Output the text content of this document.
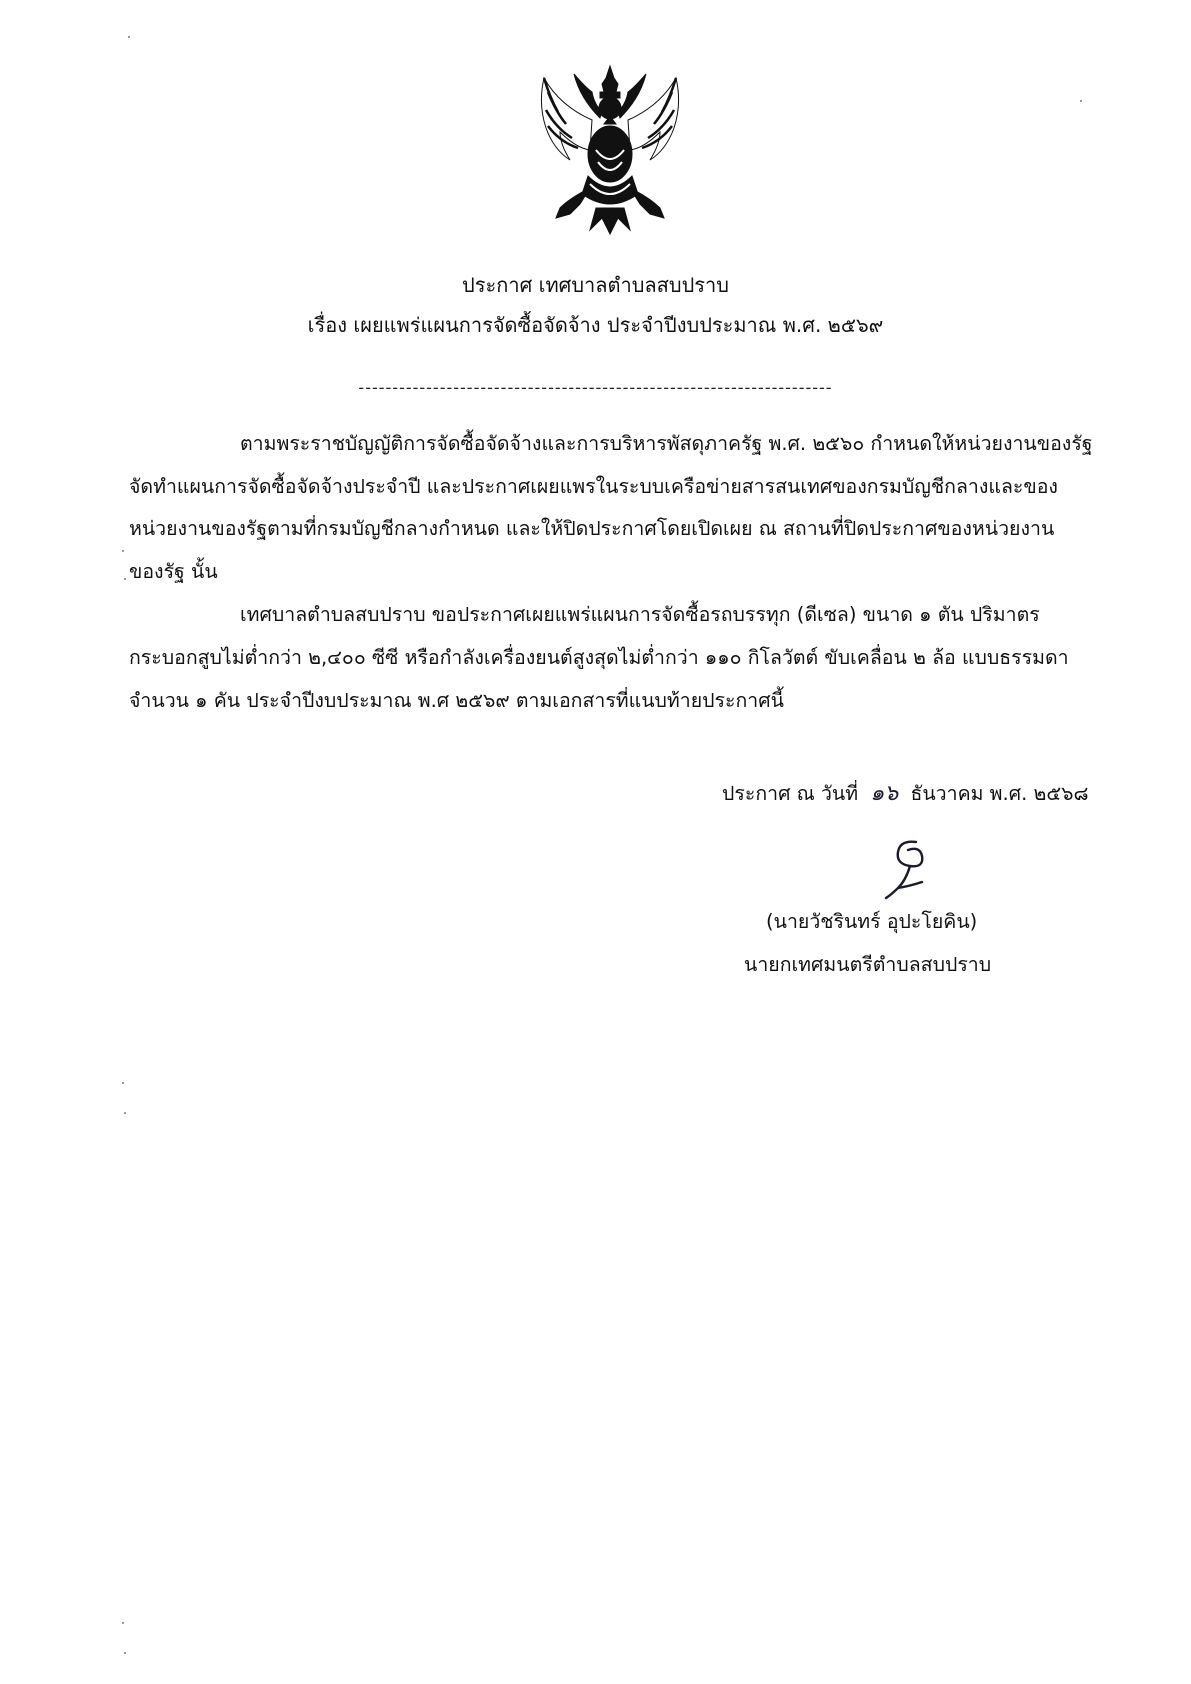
ประกาศ เทศบาลตำบลสบปราบ
เรื่อง เผยแพร่แผนการจัดซื้อจัดจ้าง ประจำปีงบประมาณ พ.ศ. ๒๕๖๙
----------------------------------------------------------------------
ตามพระราชบัญญัติการจัดซื้อจัดจ้างและการบริหารพัสดุภาครัฐ พ.ศ. ๒๕๖๐ กำหนดให้หน่วยงานของรัฐ
จัดทำแผนการจัดซื้อจัดจ้างประจำปี และประกาศเผยแพรในระบบเครือข่ายสารสนเทศของกรมบัญชีกลางและของ
หน่วยงานของรัฐตามที่กรมบัญชีกลางกำหนด และให้ปิดประกาศโดยเปิดเผย ณ สถานที่ปิดประกาศของหน่วยงาน
ของรัฐ นั้น
เทศบาลตำบลสบปราบ ขอประกาศเผยแพร่แผนการจัดซื้อรถบรรทุก (ดีเซล) ขนาด ๑ ตัน ปริมาตร
กระบอกสูบไม่ต่ำกว่า ๒,๔๐๐ ซีซี หรือกำลังเครื่องยนต์สูงสุดไม่ต่ำกว่า ๑๑๐ กิโลวัตต์ ขับเคลื่อน ๒ ล้อ แบบธรรมดา
จำนวน ๑ คัน ประจำปีงบประมาณ พ.ศ ๒๕๖๙ ตามเอกสารที่แนบท้ายประกาศนี้
ประกาศ ณ วันที่ ๑๖ ธันวาคม พ.ศ. ๒๕๖๘
(นายวัชรินทร์ อุปะโยคิน)
นายกเทศมนตรีตำบลสบปราบ
